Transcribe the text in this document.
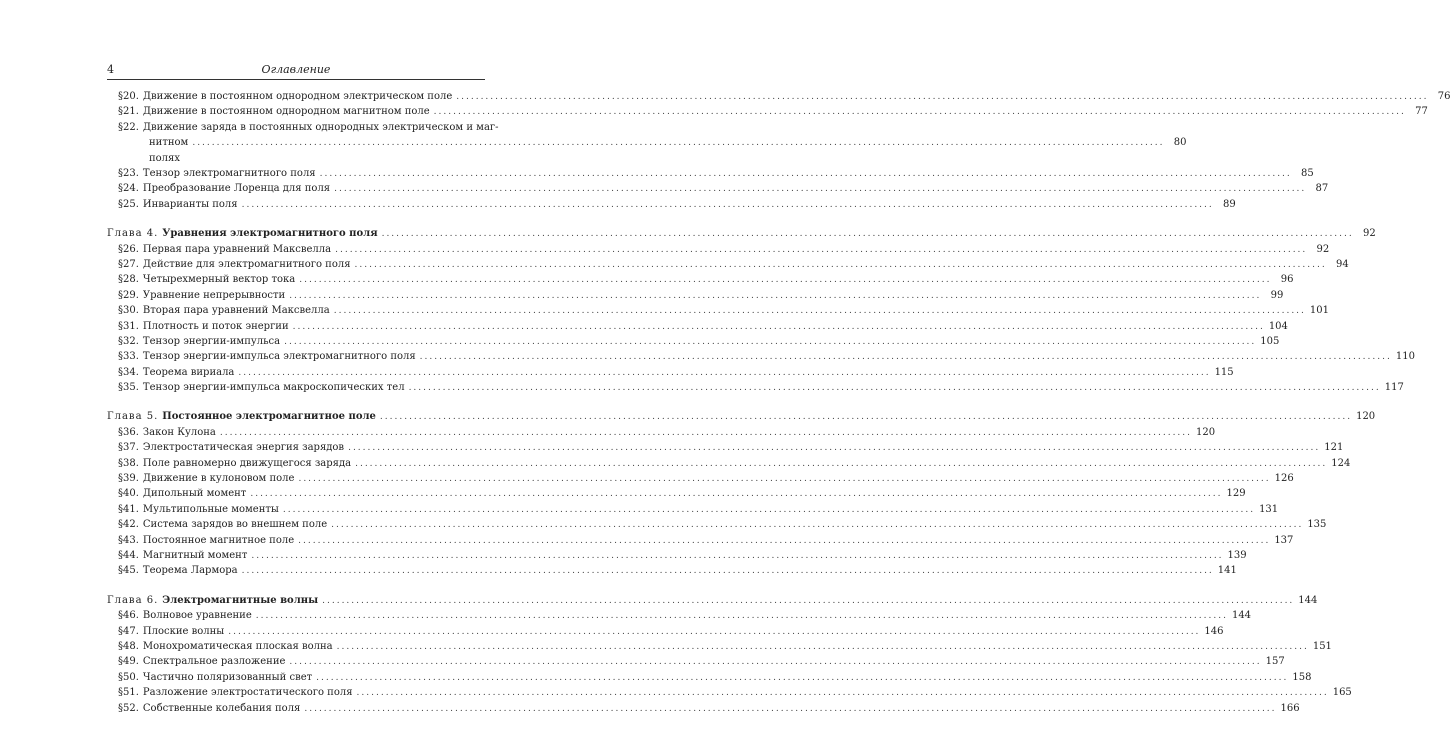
4	Оглавление
§20. Движение в постоянном однородном электрическом поле ........................................................................................................................................................................................................ 76
§21. Движение в постоянном однородном магнитном поле ........................................................................................................................................................................................................ 77
§22. Движение заряда в постоянных однородных электрическом и маг-
нитном полях
........................................................................................................................................................................................................ 80
§23. Тензор электромагнитного поля ........................................................................................................................................................................................................ 85
§24. Преобразование Лоренца для поля ........................................................................................................................................................................................................ 87
§25. Инварианты поля ........................................................................................................................................................................................................ 89
Глава 4. Уравнения электромагнитного поля ........................................................................................................................................................................................................ 92
§26. Первая пара уравнений Максвелла ........................................................................................................................................................................................................ 92
§27. Действие для электромагнитного поля ........................................................................................................................................................................................................ 94
§28. Четырехмерный вектор тока ........................................................................................................................................................................................................ 96
§29. Уравнение непрерывности ........................................................................................................................................................................................................ 99
§30. Вторая пара уравнений Максвелла ........................................................................................................................................................................................................ 101
§31. Плотность и поток энергии ........................................................................................................................................................................................................ 104
§32. Тензор энергии-импульса ........................................................................................................................................................................................................ 105
§33. Тензор энергии-импульса электромагнитного поля ........................................................................................................................................................................................................ 110
§34. Теорема вириала ........................................................................................................................................................................................................ 115
§35. Тензор энергии-импульса макроскопических тел ........................................................................................................................................................................................................ 117
Глава 5. Постоянное электромагнитное поле ........................................................................................................................................................................................................ 120
§36. Закон Кулона ........................................................................................................................................................................................................ 120
§37. Электростатическая энергия зарядов ........................................................................................................................................................................................................ 121
§38. Поле равномерно движущегося заряда ........................................................................................................................................................................................................ 124
§39. Движение в кулоновом поле ........................................................................................................................................................................................................ 126
§40. Дипольный момент ........................................................................................................................................................................................................ 129
§41. Мультипольные моменты ........................................................................................................................................................................................................ 131
§42. Система зарядов во внешнем поле ........................................................................................................................................................................................................ 135
§43. Постоянное магнитное поле ........................................................................................................................................................................................................ 137
§44. Магнитный момент ........................................................................................................................................................................................................ 139
§45. Теорема Лармора ........................................................................................................................................................................................................ 141
Глава 6. Электромагнитные волны ........................................................................................................................................................................................................ 144
§46. Волновое уравнение ........................................................................................................................................................................................................ 144
§47. Плоские волны ........................................................................................................................................................................................................ 146
§48. Монохроматическая плоская волна ........................................................................................................................................................................................................ 151
§49. Спектральное разложение ........................................................................................................................................................................................................ 157
§50. Частично поляризованный свет ........................................................................................................................................................................................................ 158
§51. Разложение электростатического поля ........................................................................................................................................................................................................ 165
§52. Собственные колебания поля ........................................................................................................................................................................................................ 166
